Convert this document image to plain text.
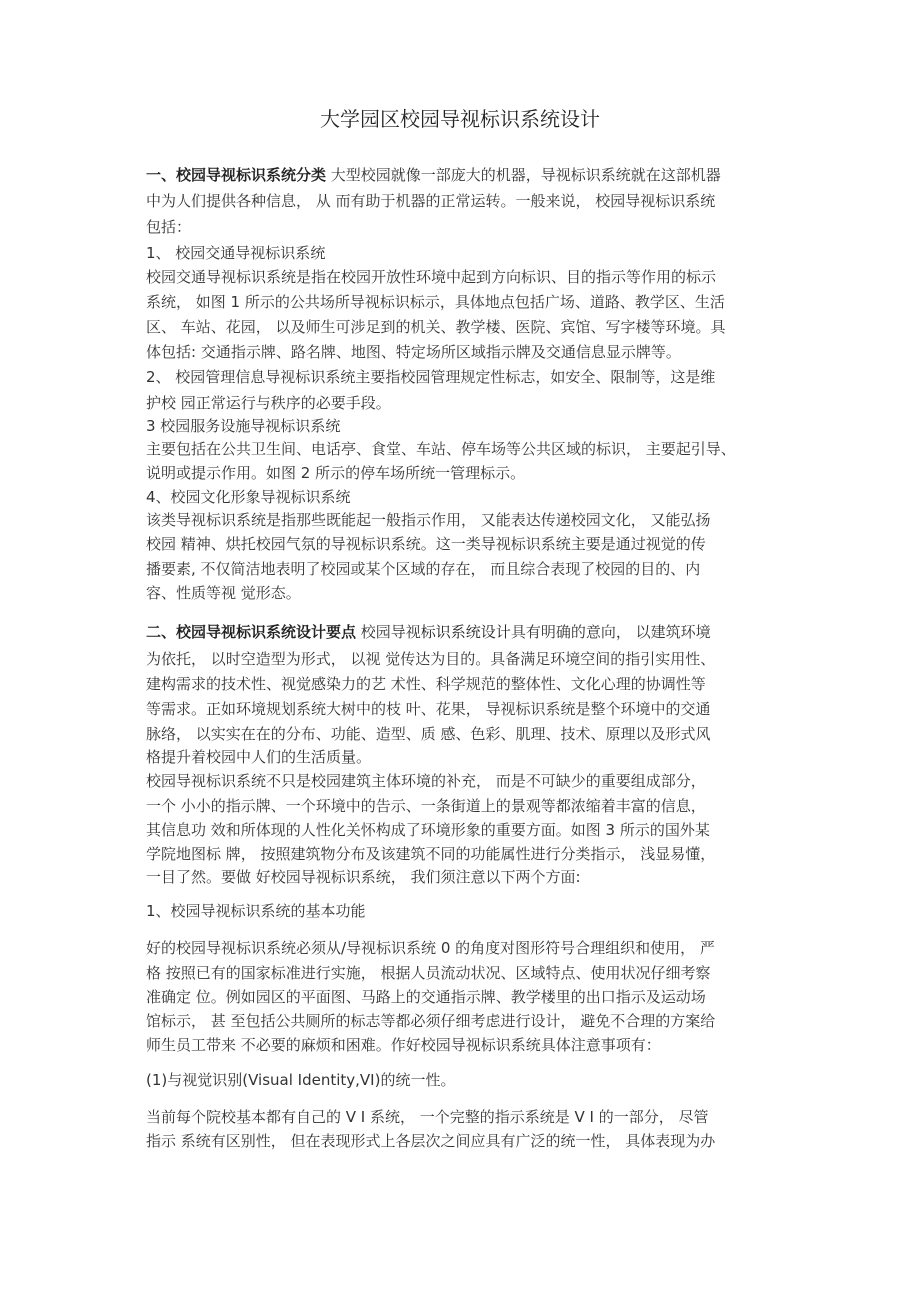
大学园区校园导视标识系统设计
一、校园导视标识系统分类 大型校园就像一部庞大的机器，导视标识系统就在这部机器
中为人们提供各种信息， 从 而有助于机器的正常运转。一般来说， 校园导视标识系统
包括：
1、 校园交通导视标识系统
校园交通导视标识系统是指在校园开放性环境中起到方向标识、目的指示等作用的标示
系统， 如图 1 所示的公共场所导视标识标示，具体地点包括广场、道路、教学区、生活
区、 车站、花园， 以及师生可涉足到的机关、教学楼、医院、宾馆、写字楼等环境。具
体包括: 交通指示牌、路名牌、地图、特定场所区域指示牌及交通信息显示牌等。
2、 校园管理信息导视标识系统主要指校园管理规定性标志，如安全、限制等，这是维
护校 园正常运行与秩序的必要手段。
3 校园服务设施导视标识系统
主要包括在公共卫生间、电话亭、食堂、车站、停车场等公共区域的标识， 主要起引导、
说明或提示作用。如图 2 所示的停车场所统一管理标示。
4、校园文化形象导视标识系统
该类导视标识系统是指那些既能起一般指示作用， 又能表达传递校园文化， 又能弘扬
校园 精神、烘托校园气氛的导视标识系统。这一类导视标识系统主要是通过视觉的传
播要素, 不仅简洁地表明了校园或某个区域的存在， 而且综合表现了校园的目的、内
容、性质等视 觉形态。
二、校园导视标识系统设计要点 校园导视标识系统设计具有明确的意向， 以建筑环境
为依托， 以时空造型为形式， 以视 觉传达为目的。具备满足环境空间的指引实用性、
建构需求的技术性、视觉感染力的艺 术性、科学规范的整体性、文化心理的协调性等
等需求。正如环境规划系统大树中的枝 叶、花果， 导视标识系统是整个环境中的交通
脉络， 以实实在在的分布、功能、造型、质 感、色彩、肌理、技术、原理以及形式风
格提升着校园中人们的生活质量。
校园导视标识系统不只是校园建筑主体环境的补充， 而是不可缺少的重要组成部分，
一个 小小的指示牌、一个环境中的告示、一条街道上的景观等都浓缩着丰富的信息，
其信息功 效和所体现的人性化关怀构成了环境形象的重要方面。如图 3 所示的国外某
学院地图标 牌， 按照建筑物分布及该建筑不同的功能属性进行分类指示， 浅显易懂，
一目了然。要做 好校园导视标识系统， 我们须注意以下两个方面:
1、校园导视标识系统的基本功能
好的校园导视标识系统必须从/导视标识系统 0 的角度对图形符号合理组织和使用， 严
格 按照已有的国家标准进行实施， 根据人员流动状况、区域特点、使用状况仔细考察
准确定 位。例如园区的平面图、马路上的交通指示牌、教学楼里的出口指示及运动场
馆标示， 甚 至包括公共厕所的标志等都必须仔细考虑进行设计， 避免不合理的方案给
师生员工带来 不必要的麻烦和困难。作好校园导视标识系统具体注意事项有：
(1)与视觉识别(Visual Identity,VI)的统一性。
当前每个院校基本都有自己的 V I 系统， 一个完整的指示系统是 V I 的一部分， 尽管
指示 系统有区别性， 但在表现形式上各层次之间应具有广泛的统一性， 具体表现为办
